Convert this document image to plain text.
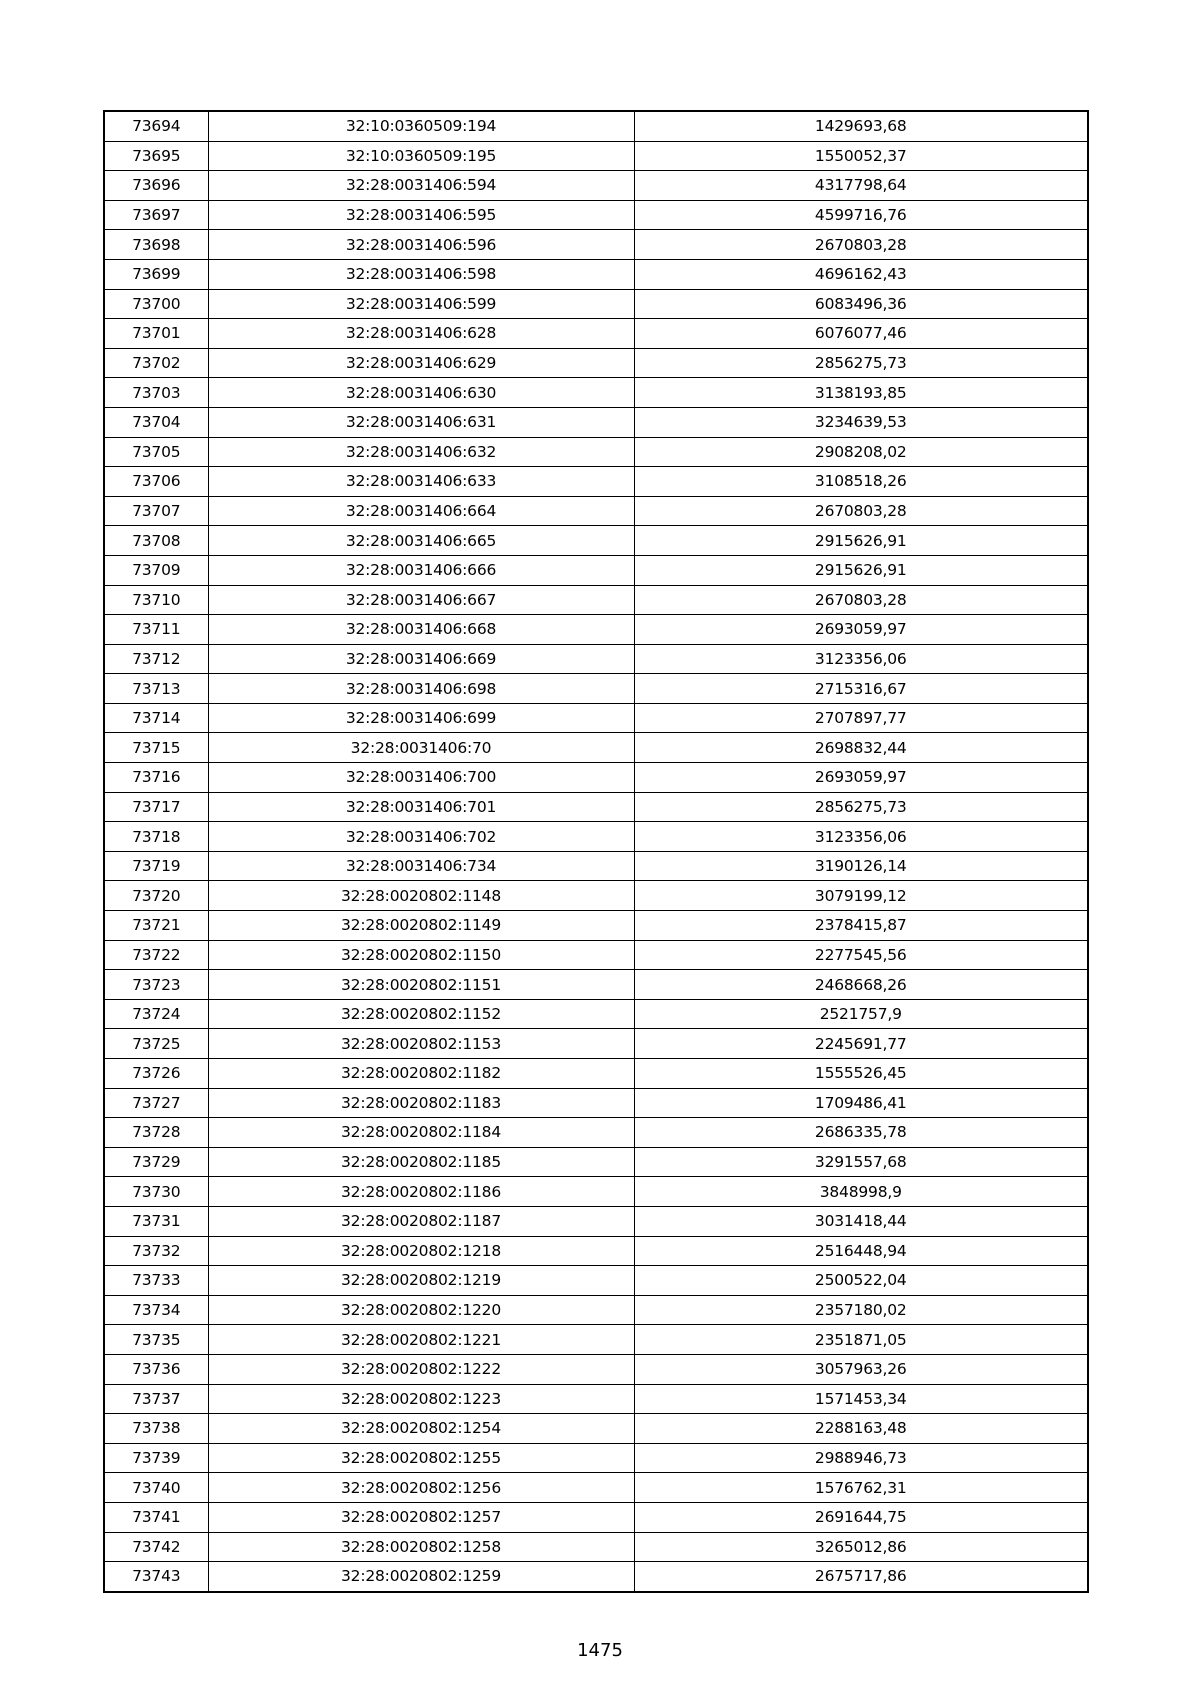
73694	32:10:0360509:194	1429693,68
73695	32:10:0360509:195	1550052,37
73696	32:28:0031406:594	4317798,64
73697	32:28:0031406:595	4599716,76
73698	32:28:0031406:596	2670803,28
73699	32:28:0031406:598	4696162,43
73700	32:28:0031406:599	6083496,36
73701	32:28:0031406:628	6076077,46
73702	32:28:0031406:629	2856275,73
73703	32:28:0031406:630	3138193,85
73704	32:28:0031406:631	3234639,53
73705	32:28:0031406:632	2908208,02
73706	32:28:0031406:633	3108518,26
73707	32:28:0031406:664	2670803,28
73708	32:28:0031406:665	2915626,91
73709	32:28:0031406:666	2915626,91
73710	32:28:0031406:667	2670803,28
73711	32:28:0031406:668	2693059,97
73712	32:28:0031406:669	3123356,06
73713	32:28:0031406:698	2715316,67
73714	32:28:0031406:699	2707897,77
73715	32:28:0031406:70	2698832,44
73716	32:28:0031406:700	2693059,97
73717	32:28:0031406:701	2856275,73
73718	32:28:0031406:702	3123356,06
73719	32:28:0031406:734	3190126,14
73720	32:28:0020802:1148	3079199,12
73721	32:28:0020802:1149	2378415,87
73722	32:28:0020802:1150	2277545,56
73723	32:28:0020802:1151	2468668,26
73724	32:28:0020802:1152	2521757,9
73725	32:28:0020802:1153	2245691,77
73726	32:28:0020802:1182	1555526,45
73727	32:28:0020802:1183	1709486,41
73728	32:28:0020802:1184	2686335,78
73729	32:28:0020802:1185	3291557,68
73730	32:28:0020802:1186	3848998,9
73731	32:28:0020802:1187	3031418,44
73732	32:28:0020802:1218	2516448,94
73733	32:28:0020802:1219	2500522,04
73734	32:28:0020802:1220	2357180,02
73735	32:28:0020802:1221	2351871,05
73736	32:28:0020802:1222	3057963,26
73737	32:28:0020802:1223	1571453,34
73738	32:28:0020802:1254	2288163,48
73739	32:28:0020802:1255	2988946,73
73740	32:28:0020802:1256	1576762,31
73741	32:28:0020802:1257	2691644,75
73742	32:28:0020802:1258	3265012,86
73743	32:28:0020802:1259	2675717,86
1475
